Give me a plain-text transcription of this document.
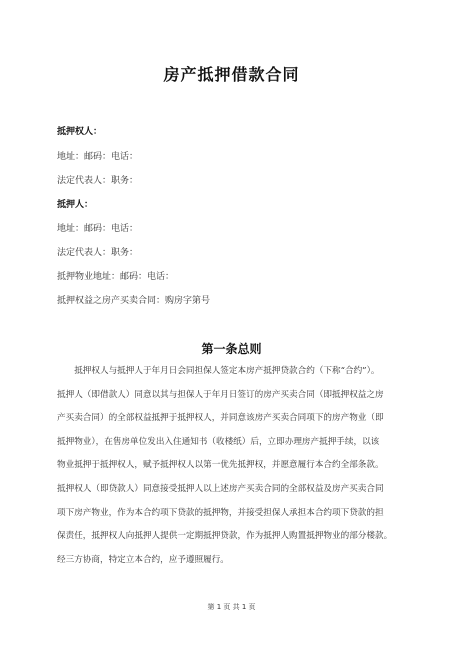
房产抵押借款合同
抵押权人：
地址：邮码：电话：
法定代表人：职务：
抵押人：
地址：邮码：电话：
法定代表人：职务：
抵押物业地址：邮码：电话：
抵押权益之房产买卖合同：购房字第号
第一条总则
　　抵押权人与抵押人于年月日会同担保人签定本房产抵押贷款合约（下称“合约”）。
抵押人（即借款人）同意以其与担保人于年月日签订的房产买卖合同（即抵押权益之房
产买卖合同）的全部权益抵押于抵押权人，并同意该房产买卖合同项下的房产物业（即
抵押物业），在售房单位发出入住通知书（收楼纸）后，立即办理房产抵押手续，以该
物业抵押于抵押权人，赋予抵押权人以第一优先抵押权，并愿意履行本合约全部条款。
抵押权人（即贷款人）同意接受抵押人以上述房产买卖合同的全部权益及房产买卖合同
项下房产物业，作为本合约项下贷款的抵押物，并接受担保人承担本合约项下贷款的担
保责任，抵押权人向抵押人提供一定期抵押贷款，作为抵押人购置抵押物业的部分楼款。
经三方协商，特定立本合约，应予遵照履行。
第 1 页 共 1 页
